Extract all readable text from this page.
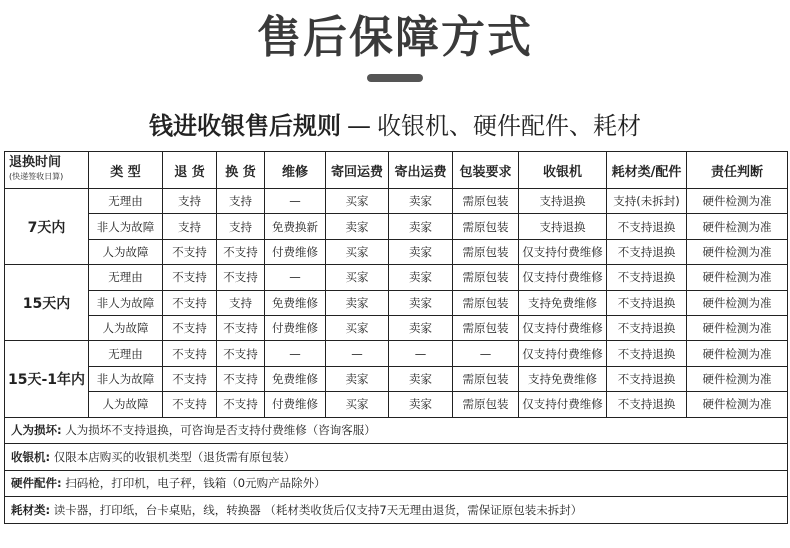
售后保障方式
钱进收银售后规则 — 收银机、硬件配件、耗材
退换时间
(快递签收日算)	类 型	退 货	换 货	维修	寄回运费	寄出运费	包装要求	收银机	耗材类/配件	责任判断
7天内	无理由	支持	支持	—	买家	卖家	需原包装	支持退换	支持(未拆封)	硬件检测为准
	非人为故障	支持	支持	免费换新	卖家	卖家	需原包装	支持退换	不支持退换	硬件检测为准
	人为故障	不支持	不支持	付费维修	买家	卖家	需原包装	仅支持付费维修	不支持退换	硬件检测为准
15天内	无理由	不支持	不支持	—	买家	卖家	需原包装	仅支持付费维修	不支持退换	硬件检测为准
	非人为故障	不支持	支持	免费维修	卖家	卖家	需原包装	支持免费维修	不支持退换	硬件检测为准
	人为故障	不支持	不支持	付费维修	买家	卖家	需原包装	仅支持付费维修	不支持退换	硬件检测为准
15天-1年内	无理由	不支持	不支持	—	—	—	—	仅支持付费维修	不支持退换	硬件检测为准
	非人为故障	不支持	不支持	免费维修	卖家	卖家	需原包装	支持免费维修	不支持退换	硬件检测为准
	人为故障	不支持	不支持	付费维修	买家	卖家	需原包装	仅支持付费维修	不支持退换	硬件检测为准
人为损坏: 人为损坏不支持退换，可咨询是否支持付费维修（咨询客服）										
收银机: 仅限本店购买的收银机类型（退货需有原包装）										
硬件配件: 扫码枪，打印机，电子秤，钱箱（0元购产品除外）										
耗材类: 读卡器，打印纸，台卡桌贴，线，转换器 （耗材类收货后仅支持7天无理由退货，需保证原包装未拆封）										
